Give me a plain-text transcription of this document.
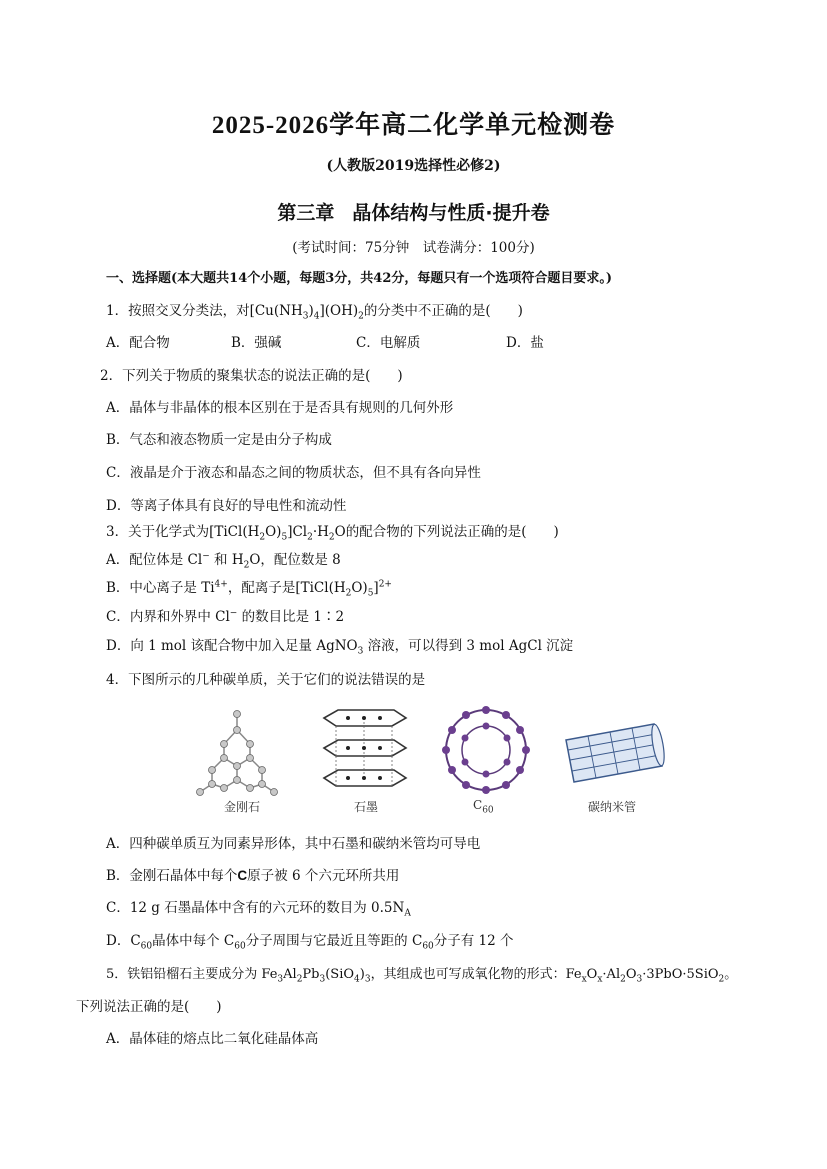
2025-2026学年高二化学单元检测卷
(人教版2019选择性必修2)
第三章 晶体结构与性质·提升卷
(考试时间：75分钟　试卷满分：100分)
一、选择题(本大题共14个小题，每题3分，共42分，每题只有一个选项符合题目要求。)
1．按照交叉分类法，对$[Cu(NH_3)_4](OH)_2$的分类中不正确的是(　　)
A．配合物	B．强碱	C．电解质	D．盐
2．下列关于物质的聚集状态的说法正确的是(　　)
A．晶体与非晶体的根本区别在于是否具有规则的几何外形
B．气态和液态物质一定是由分子构成
C．液晶是介于液态和晶态之间的物质状态，但不具有各向异性
D．等离子体具有良好的导电性和流动性
3．关于化学式为$[TiCl(H_2O)_5]Cl_2\cdot H_2O$的配合物的下列说法正确的是(　　)
A．配位体是 Cl− 和 $H_2O$，配位数是 8
B．中心离子是 $Ti^{4+}$，配离子是$[TiCl(H_2O)_5]^{2+}$
C．内界和外界中 Cl− 的数目比是 1∶2
D．向 1 mol 该配合物中加入足量 AgNO$_3$ 溶液，可以得到 3 mol AgCl 沉淀
4．下图所示的几种碳单质，关于它们的说法错误的是
金刚石	石墨	$C_{60}$	碳纳米管
A．四种碳单质互为同素异形体，其中石墨和碳纳米管均可导电
B．金刚石晶体中每个C原子被 6 个六元环所共用
C．12 g 石墨晶体中含有的六元环的数目为 $0.5N_A$
D．$C_{60}$晶体中每个 $C_{60}$分子周围与它最近且等距的 $C_{60}$分子有 12 个
5．铁铝铅榴石主要成分为 $Fe_3Al_2Pb_3(SiO_4)_3$，其组成也可写成氧化物的形式：$Fe_xO_x\cdot Al_2O_3\cdot 3PbO\cdot 5SiO_2$。
下列说法正确的是(　　)
A．晶体硅的熔点比二氧化硅晶体高
